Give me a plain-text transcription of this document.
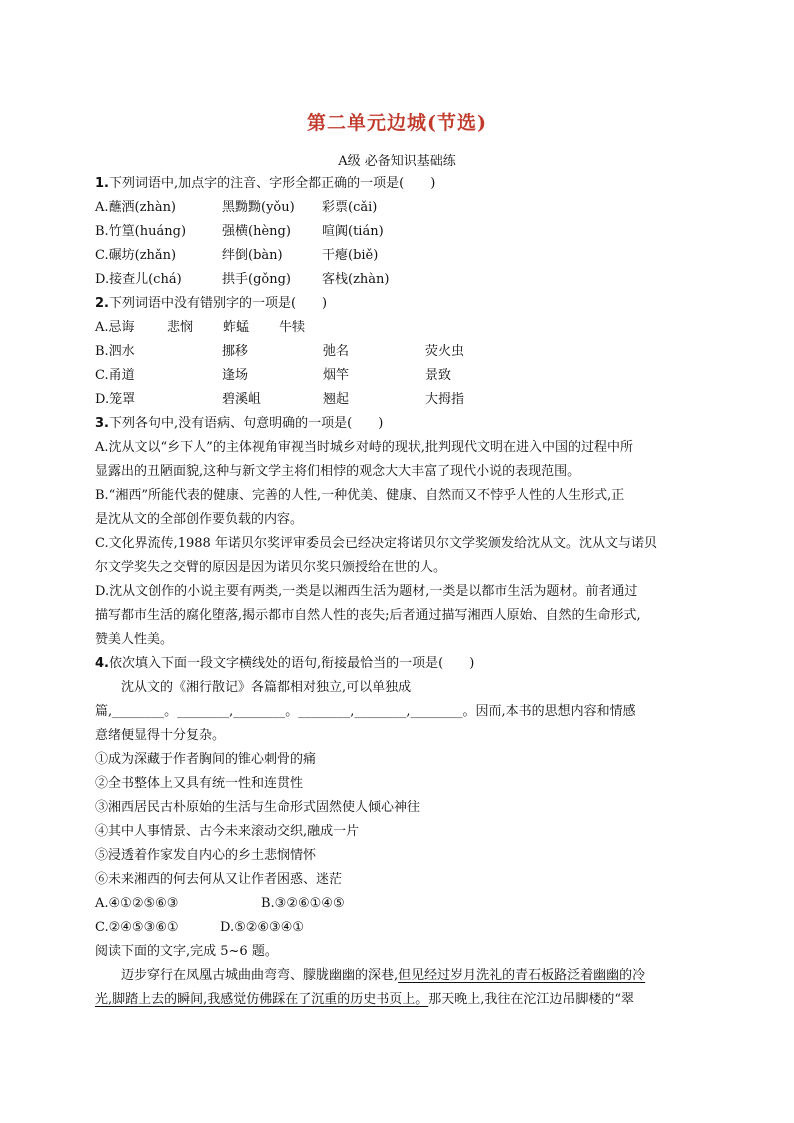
第二单元边城(节选)
A级 必备知识基础练
1.下列词语中,加点字的注音、字形全都正确的一项是(　　)
A.蘸洒(zhàn)	黑黝黝(yǒu)	彩票(cǎi)
B.竹篁(huáng)	强横(hèng)	喧阗(tián)
C.碾坊(zhǎn)	绊倒(bàn)	干瘪(biě)
D.接查儿(chá)	拱手(gǒng)	客栈(zhàn)
2.下列词语中没有错别字的一项是(　　)
A.忌诲	悲悯	蚱蜢	牛犊
B.泗水	挪移	弛名	荧火虫
C.甬道	逢场	烟竿	景致
D.笼罩	碧溪岨	翘起	大拇指
3.下列各句中,没有语病、句意明确的一项是(　　)
A.沈从文以“乡下人”的主体视角审视当时城乡对峙的现状,批判现代文明在进入中国的过程中所
显露出的丑陋面貌,这种与新文学主将们相悖的观念大大丰富了现代小说的表现范围。
B.“湘西”所能代表的健康、完善的人性,一种优美、健康、自然而又不悖乎人性的人生形式,正
是沈从文的全部创作要负载的内容。
C.文化界流传,1988 年诺贝尔奖评审委员会已经决定将诺贝尔文学奖颁发给沈从文。沈从文与诺贝
尔文学奖失之交臂的原因是因为诺贝尔奖只颁授给在世的人。
D.沈从文创作的小说主要有两类,一类是以湘西生活为题材,一类是以都市生活为题材。前者通过
描写都市生活的腐化堕落,揭示都市自然人性的丧失;后者通过描写湘西人原始、自然的生命形式,
赞美人性美。
4.依次填入下面一段文字横线处的语句,衔接最恰当的一项是(　　)
沈从文的《湘行散记》各篇都相对独立,可以单独成
篇,________。________,________。________,________,________。因而,本书的思想内容和情感
意绪便显得十分复杂。
①成为深藏于作者胸间的锥心刺骨的痛
②全书整体上又具有统一性和连贯性
③湘西居民古朴原始的生活与生命形式固然使人倾心神往
④其中人事情景、古今未来滚动交织,融成一片
⑤浸透着作家发自内心的乡土悲悯情怀
⑥未来湘西的何去何从又让作者困惑、迷茫
A.④①②⑤⑥③	B.③②⑥①④⑤
C.②④⑤③⑥①	D.⑤②⑥③④①
阅读下面的文字,完成 5~6 题。
迈步穿行在凤凰古城曲曲弯弯、朦胧幽幽的深巷,但见经过岁月洗礼的青石板路泛着幽幽的冷
光,脚踏上去的瞬间,我感觉仿佛踩在了沉重的历史书页上。那天晚上,我往在沱江边吊脚楼的“翠
